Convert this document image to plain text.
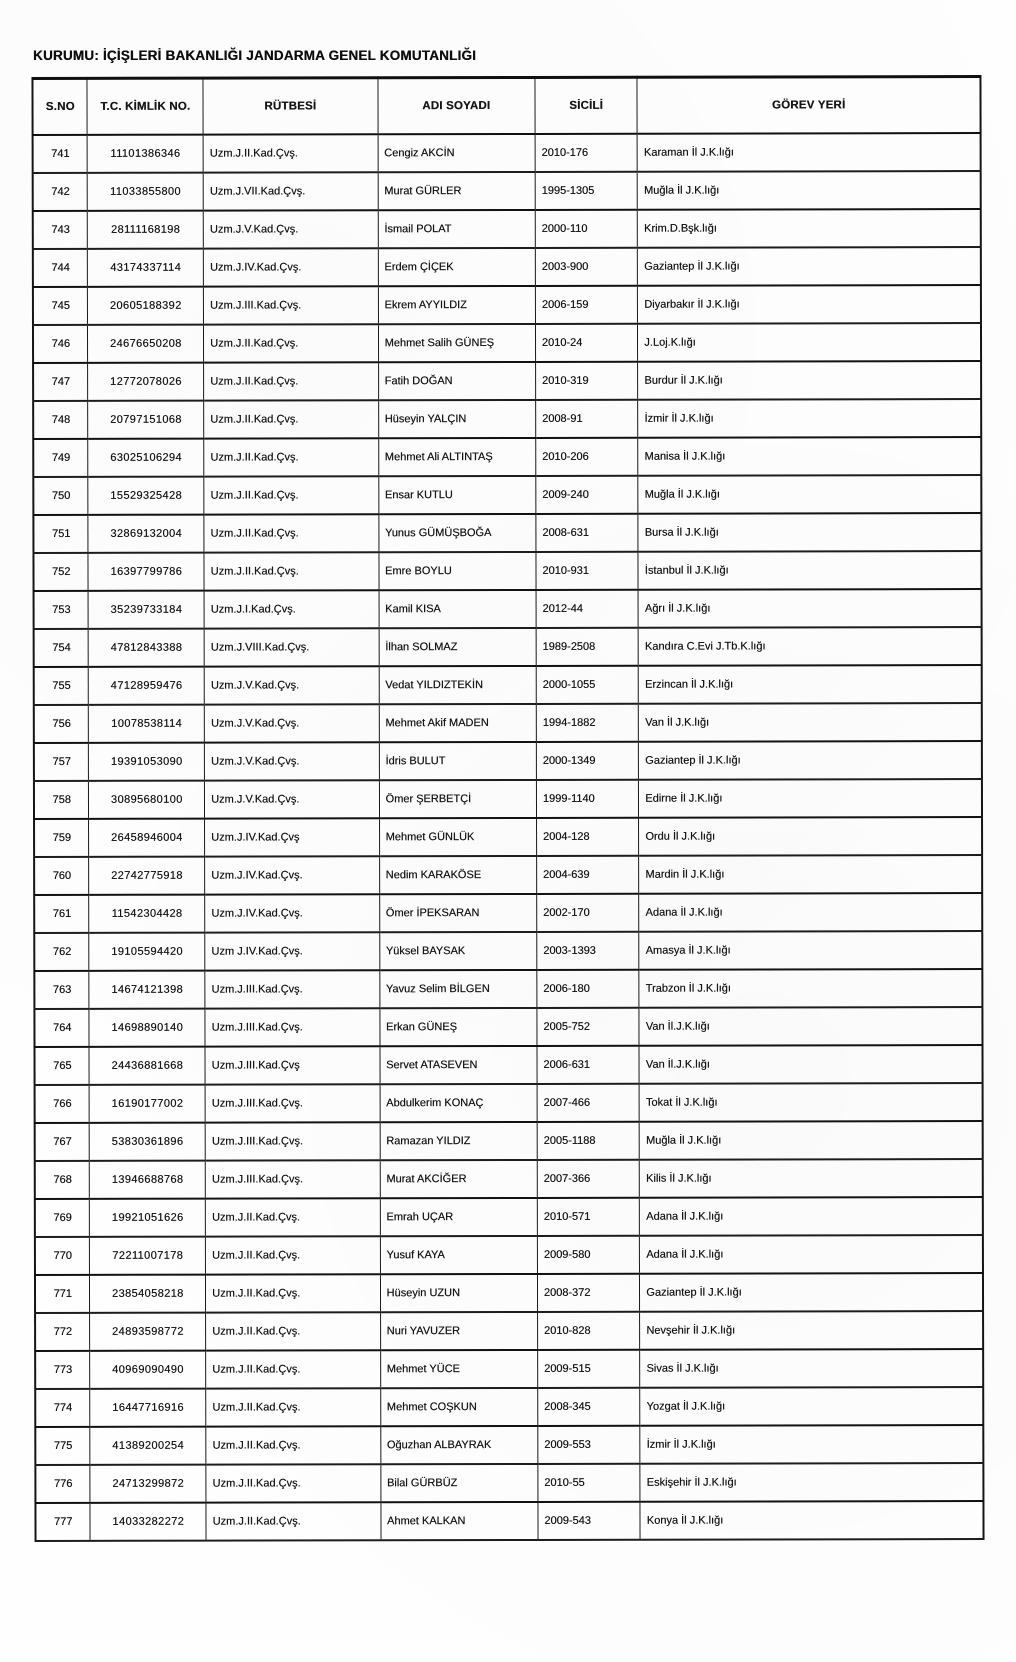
KURUMU: İÇİŞLERİ BAKANLIĞI JANDARMA GENEL KOMUTANLIĞI
S.NO	T.C. KİMLİK NO.	RÜTBESİ	ADI SOYADI	SİCİLİ	GÖREV YERİ
741	11101386346	Uzm.J.II.Kad.Çvş.	Cengiz AKCİN	2010-176	Karaman İl J.K.lığı
742	11033855800	Uzm.J.VII.Kad.Çvş.	Murat GÜRLER	1995-1305	Muğla İl J.K.lığı
743	28111168198	Uzm.J.V.Kad.Çvş.	İsmail POLAT	2000-110	Krim.D.Bşk.lığı
744	43174337114	Uzm.J.IV.Kad.Çvş.	Erdem ÇİÇEK	2003-900	Gaziantep İl J.K.lığı
745	20605188392	Uzm.J.III.Kad.Çvş.	Ekrem AYYILDIZ	2006-159	Diyarbakır İl J.K.lığı
746	24676650208	Uzm.J.II.Kad.Çvş.	Mehmet Salih GÜNEŞ	2010-24	J.Loj.K.lığı
747	12772078026	Uzm.J.II.Kad.Çvş.	Fatih DOĞAN	2010-319	Burdur İl J.K.lığı
748	20797151068	Uzm.J.II.Kad.Çvş.	Hüseyin YALÇIN	2008-91	İzmir İl J.K.lığı
749	63025106294	Uzm.J.II.Kad.Çvş.	Mehmet Ali ALTINTAŞ	2010-206	Manisa İl J.K.lığı
750	15529325428	Uzm.J.II.Kad.Çvş.	Ensar KUTLU	2009-240	Muğla İl J.K.lığı
751	32869132004	Uzm.J.II.Kad.Çvş.	Yunus GÜMÜŞBOĞA	2008-631	Bursa İl J.K.lığı
752	16397799786	Uzm.J.II.Kad.Çvş.	Emre BOYLU	2010-931	İstanbul İl J.K.lığı
753	35239733184	Uzm.J.I.Kad.Çvş.	Kamil KISA	2012-44	Ağrı İl J.K.lığı
754	47812843388	Uzm.J.VIII.Kad.Çvş.	İlhan SOLMAZ	1989-2508	Kandıra C.Evi J.Tb.K.lığı
755	47128959476	Uzm.J.V.Kad.Çvş.	Vedat YILDIZTEKİN	2000-1055	Erzincan İl J.K.lığı
756	10078538114	Uzm.J.V.Kad.Çvş.	Mehmet Akif MADEN	1994-1882	Van İl J.K.lığı
757	19391053090	Uzm.J.V.Kad.Çvş.	İdris BULUT	2000-1349	Gaziantep İl J.K.lığı
758	30895680100	Uzm.J.V.Kad.Çvş.	Ömer ŞERBETÇİ	1999-1140	Edirne İl J.K.lığı
759	26458946004	Uzm.J.IV.Kad.Çvş	Mehmet GÜNLÜK	2004-128	Ordu İl J.K.lığı
760	22742775918	Uzm.J.IV.Kad.Çvş.	Nedim KARAKÖSE	2004-639	Mardin İl J.K.lığı
761	11542304428	Uzm.J.IV.Kad.Çvş.	Ömer İPEKSARAN	2002-170	Adana İl J.K.lığı
762	19105594420	Uzm J.IV.Kad.Çvş.	Yüksel BAYSAK	2003-1393	Amasya İl J.K.lığı
763	14674121398	Uzm.J.III.Kad.Çvş.	Yavuz Selim BİLGEN	2006-180	Trabzon İl J.K.lığı
764	14698890140	Uzm.J.III.Kad.Çvş.	Erkan GÜNEŞ	2005-752	Van İl.J.K.lığı
765	24436881668	Uzm.J.III.Kad.Çvş	Servet ATASEVEN	2006-631	Van İl.J.K.lığı
766	16190177002	Uzm.J.III.Kad.Çvş.	Abdulkerim KONAÇ	2007-466	Tokat İl J.K.lığı
767	53830361896	Uzm.J.III.Kad.Çvş.	Ramazan YILDIZ	2005-1188	Muğla İl J.K.lığı
768	13946688768	Uzm.J.III.Kad.Çvş.	Murat AKCİĞER	2007-366	Kilis İl J.K.lığı
769	19921051626	Uzm.J.II.Kad.Çvş.	Emrah UÇAR	2010-571	Adana İl J.K.lığı
770	72211007178	Uzm.J.II.Kad.Çvş.	Yusuf KAYA	2009-580	Adana İl J.K.lığı
771	23854058218	Uzm.J.II.Kad.Çvş.	Hüseyin UZUN	2008-372	Gaziantep İl J.K.lığı
772	24893598772	Uzm.J.II.Kad.Çvş.	Nuri YAVUZER	2010-828	Nevşehir İl J.K.lığı
773	40969090490	Uzm.J.II.Kad.Çvş.	Mehmet YÜCE	2009-515	Sivas İl J.K.lığı
774	16447716916	Uzm.J.II.Kad.Çvş.	Mehmet COŞKUN	2008-345	Yozgat İl J.K.lığı
775	41389200254	Uzm.J.II.Kad.Çvş.	Oğuzhan ALBAYRAK	2009-553	İzmir İl J.K.lığı
776	24713299872	Uzm.J.II.Kad.Çvş.	Bilal GÜRBÜZ	2010-55	Eskişehir İl J.K.lığı
777	14033282272	Uzm.J.II.Kad.Çvş.	Ahmet KALKAN	2009-543	Konya İl J.K.lığı
